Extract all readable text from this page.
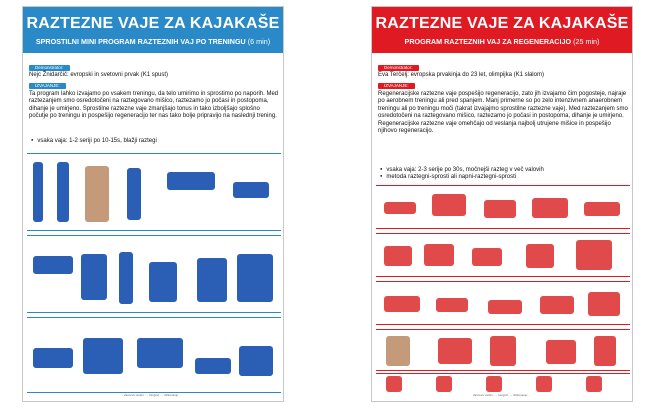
RAZTEZNE VAJE ZA KAJAKAŠE
SPROSTILNI MINI PROGRAM RAZTEZNIH VAJ PO TRENINGU (6 min)
Demonstrator:
Nejc Žnidarčič: evropski in svetovni prvak (K1 spust)
IZVAJANJE:
Ta program lahko izvajamo po vsakem treningu, da telo umirimo in sprostimo po naporih. Med raztezanjem smo osredotočeni na raztegovano mišico, raztezamo jo počasi in postopoma, dihanje je umirjeno. Sprostilne raztezne vaje zmanjšajo tonus in tako izboljšajo splošno počutje po treningu in pospešijo regeneracijo ter nas tako bolje pripravijo na naslednji trening.
● vsaka vaja: 1-2 seriji po 10-15s, blažji raztegi
Zasnova vsebin: ..., fotograf: ..., oblikovanje: ...
RAZTEZNE VAJE ZA KAJAKAŠE
PROGRAM RAZTEZNIH VAJ ZA REGENERACIJO (25 min)
Demonstrator:
Eva Terčelj: evropska prvakinja do 23 let, olimpijka (K1 slalom)
IZVAJANJE:
Regeneracijske raztezne vaje pospešijo regeneracijo, zato jih izvajamo čim pogosteje, najraje po aerobnem treningu ali pred spanjem. Manj primerne so po zelo intenzivnem anaerobnem treningu ali po treningu moči (takrat izvajajmo sprostilne raztezne vaje). Med raztezanjem smo osredotočeni na raztegovano mišico, raztezamo jo počasi in postopoma, dihanje je umirjeno. Regeneracijske raztezne vaje omehčajo od veslanja najbolj utrujene mišice in pospešijo njihovo regeneracijo.
● vsaka vaja: 2-3 serije po 30s, močnejši razteg v več valovih
● metoda raztegni-sprosti ali napni-raztegni-sprosti
Zasnova vsebin: ..., fotograf: ..., oblikovanje: ...
